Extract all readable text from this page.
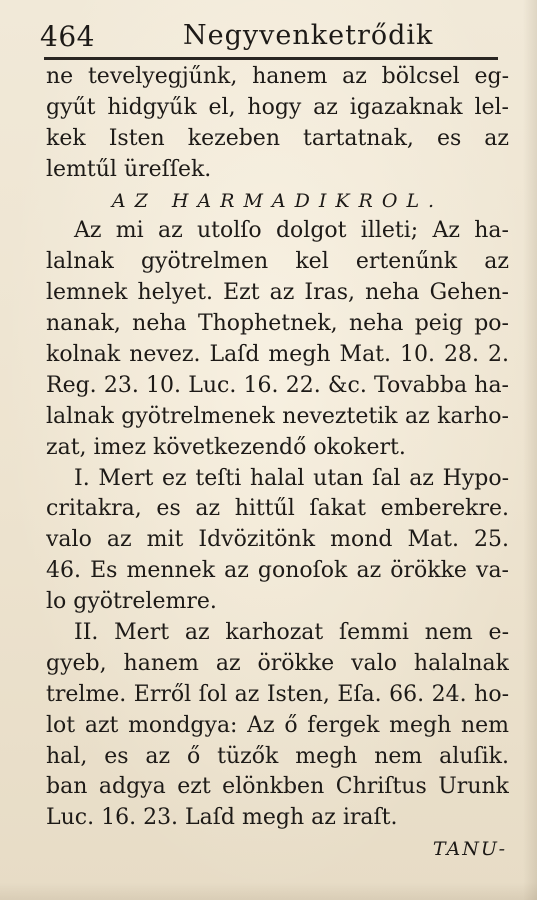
464	Negyvenketrődik
ne tevelyegjűnk, hanem az bölcsel eg-
gyűt hidgyűk el, hogy az igazaknak lel-
kek Isten kezeben tartatnak, es az
lemtűl üreſſek.
AZ HARMADIKROL.
Az mi az utolſo dolgot illeti; Az ha-
lalnak gyötrelmen kel ertenűnk az
lemnek helyet. Ezt az Iras, neha Gehen-
nanak, neha Thophetnek, neha peig po-
kolnak nevez. Laſd megh Mat. 10. 28. 2.
Reg. 23. 10. Luc. 16. 22. &c. Tovabba ha-
lalnak gyötrelmenek neveztetik az karho-
zat, imez következendő okokert.
I. Mert ez teſti halal utan ſal az Hypo-
critakra, es az hittűl ſakat emberekre.
valo az mit Idvözitönk mond Mat. 25.
46. Es mennek az gonoſok az örökke va-
lo gyötrelemre.
II. Mert az karhozat ſemmi nem e-
gyeb, hanem az örökke valo halalnak
trelme. Erről ſol az Isten, Eſa. 66. 24. ho-
lot azt mondgya: Az ő fergek megh nem
hal, es az ő tüzők megh nem aluſik.
ban adgya ezt elönkben Chriſtus Urunk
Luc. 16. 23. Laſd megh az iraſt.
TANU-
